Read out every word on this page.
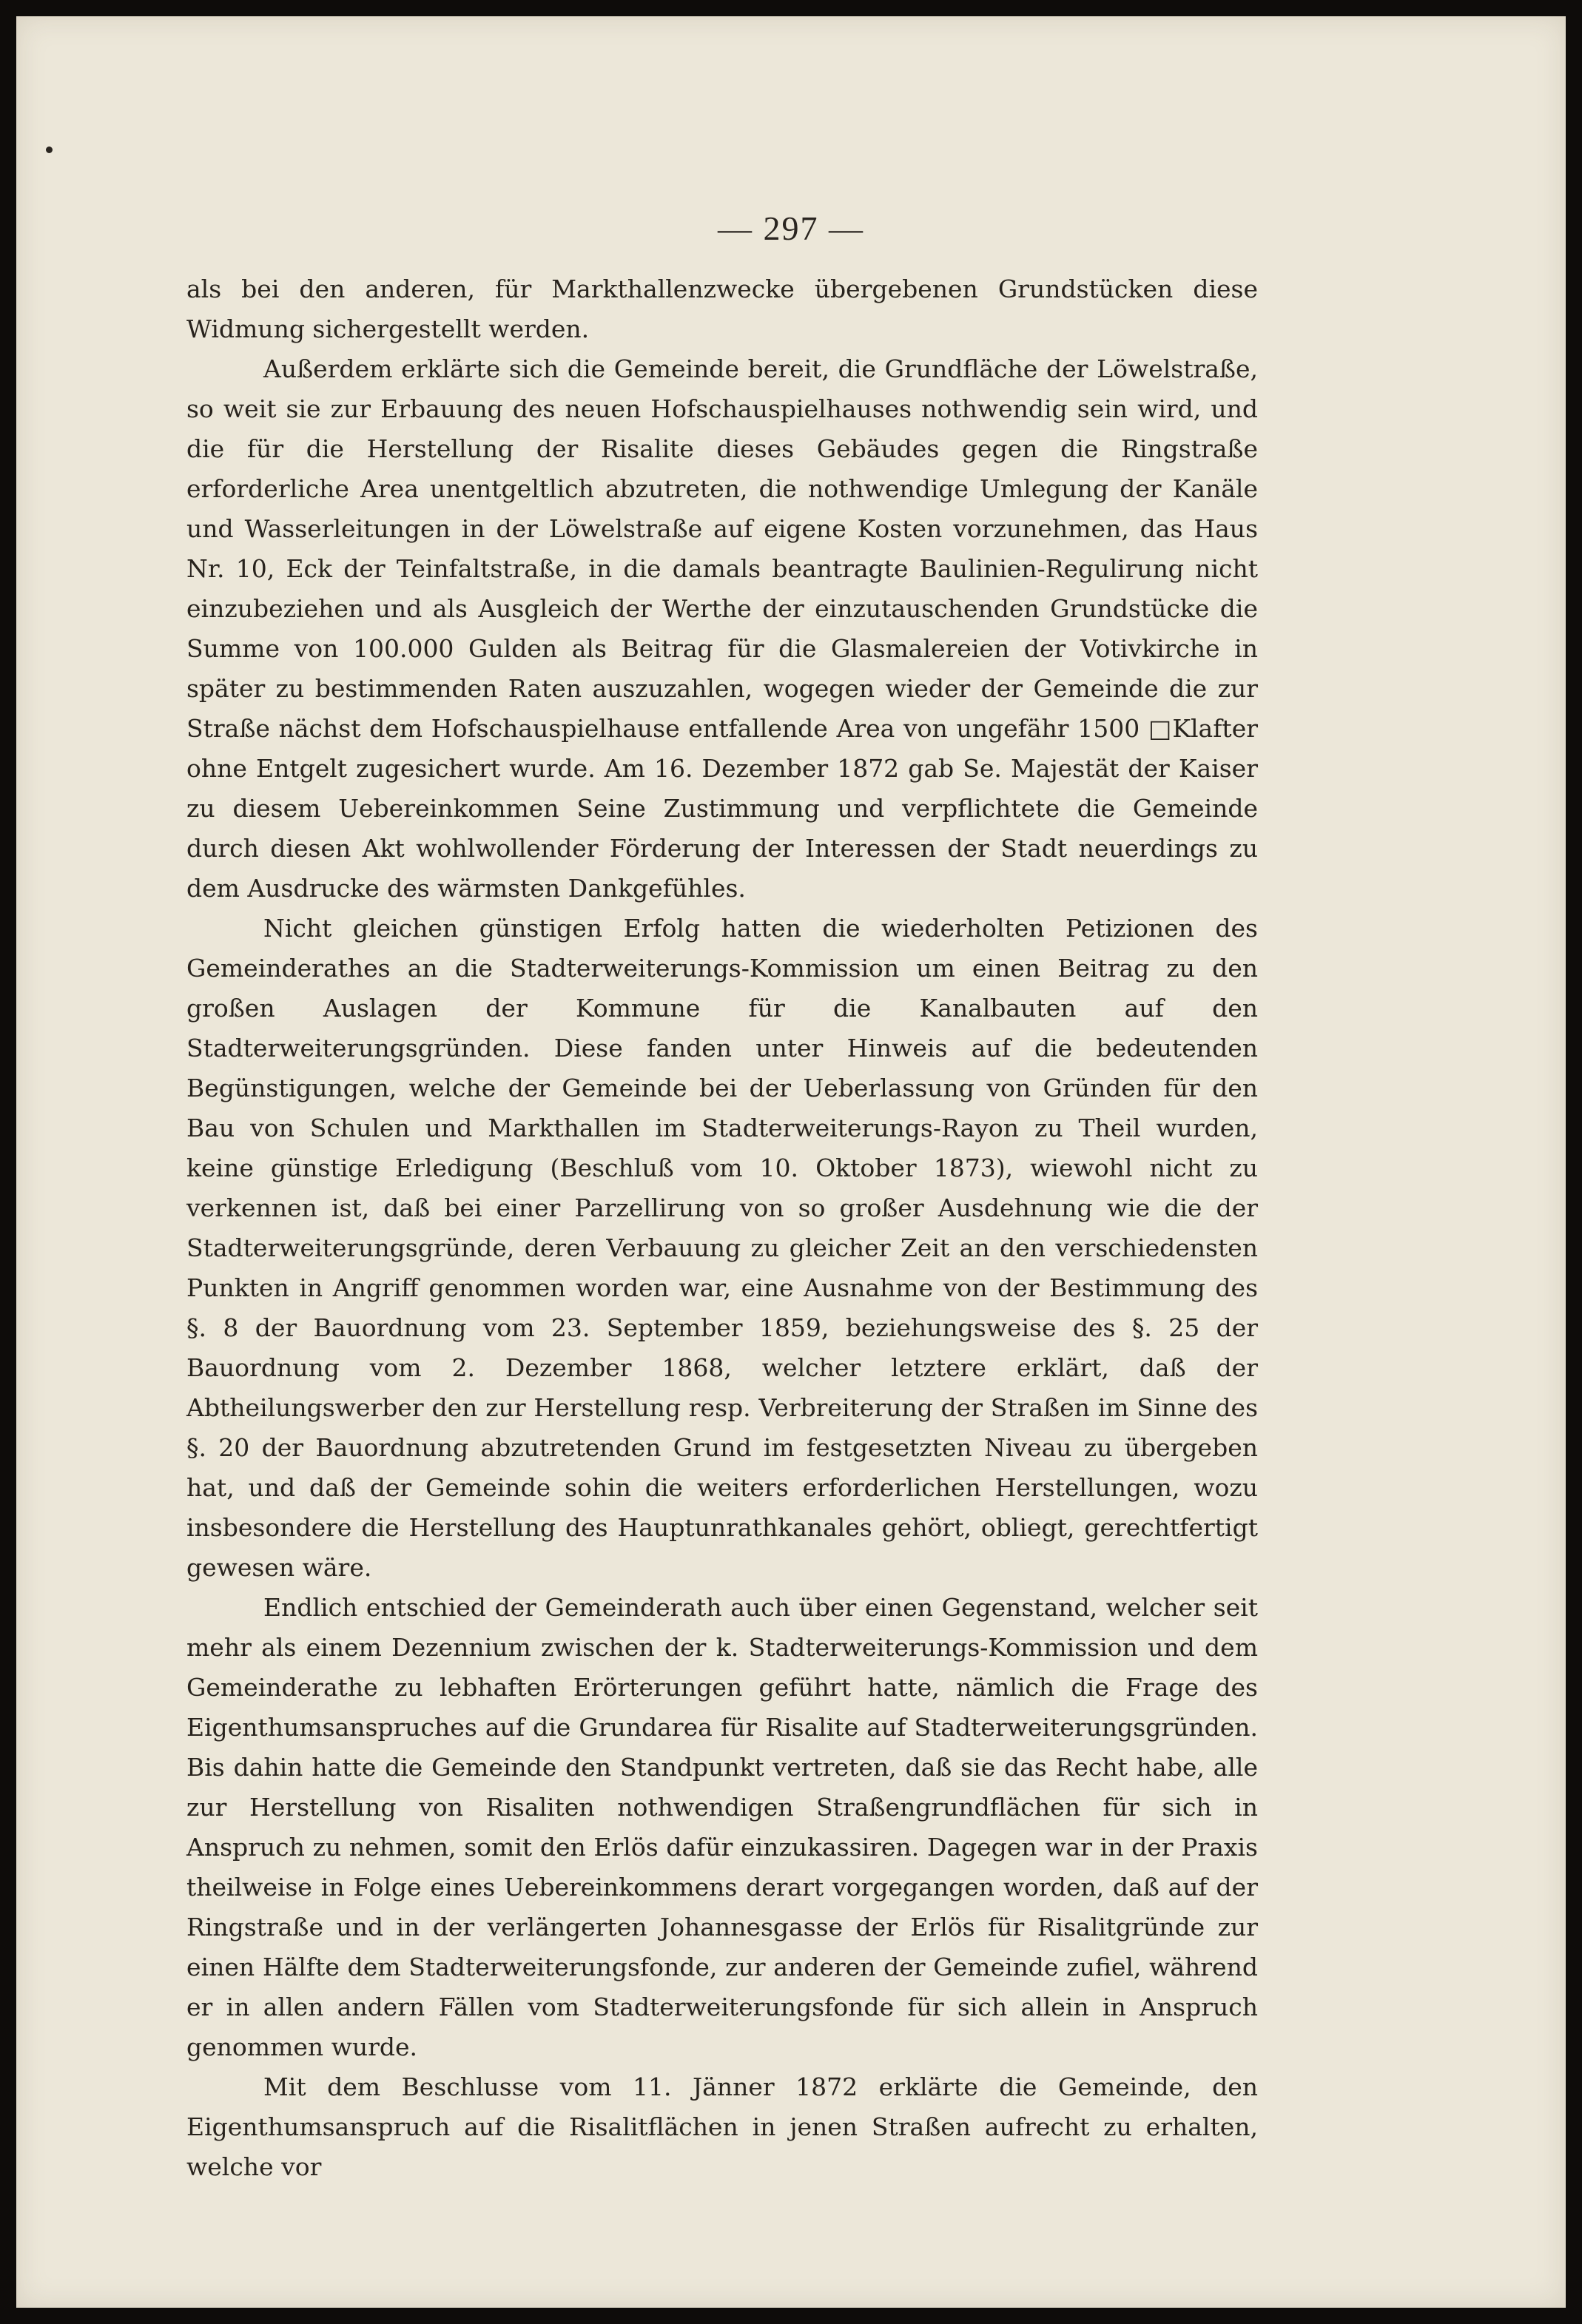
— 297 —

als bei den anderen, für Markthallenzwecke übergebenen Grundstücken diese Widmung sichergestellt werden.

Außerdem erklärte sich die Gemeinde bereit, die Grundfläche der Löwelstraße, so weit sie zur Erbauung des neuen Hofschauspielhauses nothwendig sein wird, und die für die Herstellung der Risalite dieses Gebäudes gegen die Ringstraße erforderliche Area unentgeltlich abzutreten, die nothwendige Umlegung der Kanäle und Wasserleitungen in der Löwelstraße auf eigene Kosten vorzunehmen, das Haus Nr. 10, Eck der Teinfaltstraße, in die damals beantragte Baulinien-Regulirung nicht einzubeziehen und als Ausgleich der Werthe der einzutauschenden Grundstücke die Summe von 100.000 Gulden als Beitrag für die Glasmalereien der Votivkirche in später zu bestimmenden Raten auszuzahlen, wogegen wieder der Gemeinde die zur Straße nächst dem Hofschauspielhause entfallende Area von ungefähr 1500 □Klafter ohne Entgelt zugesichert wurde. Am 16. Dezember 1872 gab Se. Majestät der Kaiser zu diesem Uebereinkommen Seine Zustimmung und verpflichtete die Gemeinde durch diesen Akt wohlwollender Förderung der Interessen der Stadt neuerdings zu dem Ausdrucke des wärmsten Dankgefühles.

Nicht gleichen günstigen Erfolg hatten die wiederholten Petizionen des Gemeinderathes an die Stadterweiterungs-Kommission um einen Beitrag zu den großen Auslagen der Kommune für die Kanalbauten auf den Stadterweiterungsgründen. Diese fanden unter Hinweis auf die bedeutenden Begünstigungen, welche der Gemeinde bei der Ueberlassung von Gründen für den Bau von Schulen und Markthallen im Stadterweiterungs-Rayon zu Theil wurden, keine günstige Erledigung (Beschluß vom 10. Oktober 1873), wiewohl nicht zu verkennen ist, daß bei einer Parzellirung von so großer Ausdehnung wie die der Stadterweiterungsgründe, deren Verbauung zu gleicher Zeit an den verschiedensten Punkten in Angriff genommen worden war, eine Ausnahme von der Bestimmung des §. 8 der Bauordnung vom 23. September 1859, beziehungsweise des §. 25 der Bauordnung vom 2. Dezember 1868, welcher letztere erklärt, daß der Abtheilungswerber den zur Herstellung resp. Verbreiterung der Straßen im Sinne des §. 20 der Bauordnung abzutretenden Grund im festgesetzten Niveau zu übergeben hat, und daß der Gemeinde sohin die weiters erforderlichen Herstellungen, wozu insbesondere die Herstellung des Hauptunrathkanales gehört, obliegt, gerechtfertigt gewesen wäre.

Endlich entschied der Gemeinderath auch über einen Gegenstand, welcher seit mehr als einem Dezennium zwischen der k. Stadterweiterungs-Kommission und dem Gemeinderathe zu lebhaften Erörterungen geführt hatte, nämlich die Frage des Eigenthumsanspruches auf die Grundarea für Risalite auf Stadterweiterungsgründen. Bis dahin hatte die Gemeinde den Standpunkt vertreten, daß sie das Recht habe, alle zur Herstellung von Risaliten nothwendigen Straßengrundflächen für sich in Anspruch zu nehmen, somit den Erlös dafür einzukassiren. Dagegen war in der Praxis theilweise in Folge eines Uebereinkommens derart vorgegangen worden, daß auf der Ringstraße und in der verlängerten Johannesgasse der Erlös für Risalitgründe zur einen Hälfte dem Stadterweiterungsfonde, zur anderen der Gemeinde zufiel, während er in allen andern Fällen vom Stadterweiterungsfonde für sich allein in Anspruch genommen wurde.

Mit dem Beschlusse vom 11. Jänner 1872 erklärte die Gemeinde, den Eigenthumsanspruch auf die Risalitflächen in jenen Straßen aufrecht zu erhalten, welche vor
